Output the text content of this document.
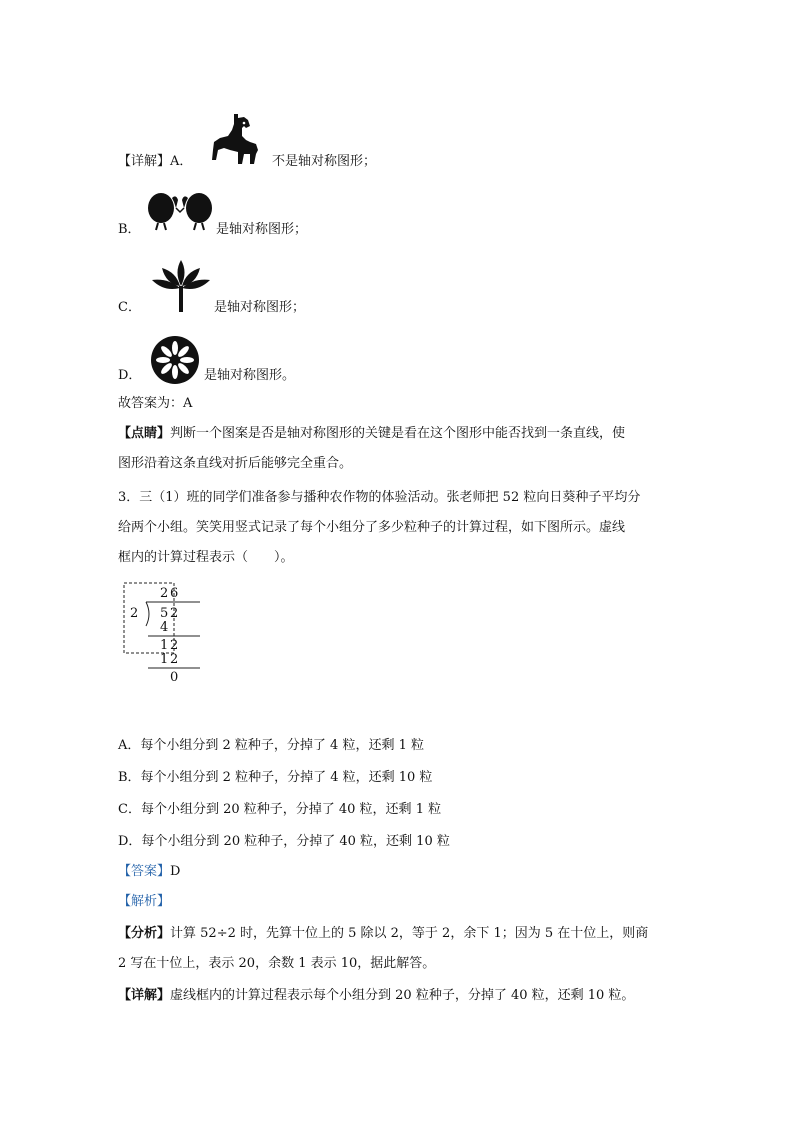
【详解】A．	不是轴对称图形；
B．	是轴对称图形；
C．	是轴对称图形；
D．	是轴对称图形。
故答案为：A
【点睛】判断一个图案是否是轴对称图形的关键是看在这个图形中能否找到一条直线，使
图形沿着这条直线对折后能够完全重合。
3．三（1）班的同学们准备参与播种农作物的体验活动。张老师把 52 粒向日葵种子平均分
给两个小组。笑笑用竖式记录了每个小组分了多少粒种子的计算过程，如下图所示。虚线
框内的计算过程表示（　　）。
2 6
2 5 2
4
1 2
1 2
0
A．每个小组分到 2 粒种子，分掉了 4 粒，还剩 1 粒
B．每个小组分到 2 粒种子，分掉了 4 粒，还剩 10 粒
C．每个小组分到 20 粒种子，分掉了 40 粒，还剩 1 粒
D．每个小组分到 20 粒种子，分掉了 40 粒，还剩 10 粒
【答案】D
【解析】
【分析】计算 52÷2 时，先算十位上的 5 除以 2，等于 2，余下 1；因为 5 在十位上，则商
2 写在十位上，表示 20，余数 1 表示 10，据此解答。
【详解】虚线框内的计算过程表示每个小组分到 20 粒种子，分掉了 40 粒，还剩 10 粒。
